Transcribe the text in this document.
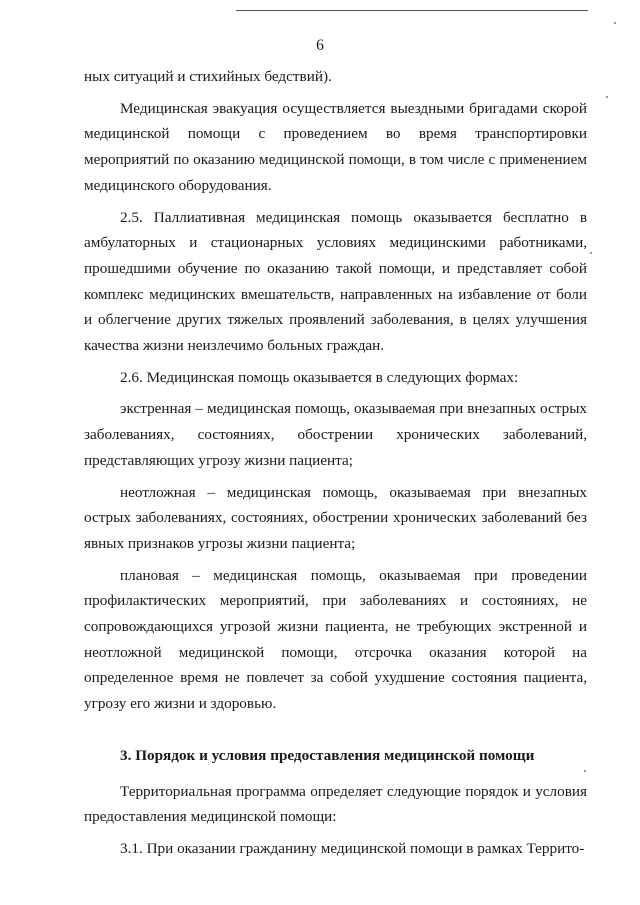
6

ных ситуаций и стихийных бедствий).

Медицинская эвакуация осуществляется выездными бригадами скорой медицинской помощи с проведением во время транспортировки мероприятий по оказанию медицинской помощи, в том числе с применением медицинского оборудования.

2.5. Паллиативная медицинская помощь оказывается бесплатно в амбулаторных и стационарных условиях медицинскими работниками, прошедшими обучение по оказанию такой помощи, и представляет собой комплекс медицинских вмешательств, направленных на избавление от боли и облегчение других тяжелых проявлений заболевания, в целях улучшения качества жизни неизлечимо больных граждан.

2.6. Медицинская помощь оказывается в следующих формах:

экстренная – медицинская помощь, оказываемая при внезапных острых заболеваниях, состояниях, обострении хронических заболеваний, представляющих угрозу жизни пациента;

неотложная – медицинская помощь, оказываемая при внезапных острых заболеваниях, состояниях, обострении хронических заболеваний без явных признаков угрозы жизни пациента;

плановая – медицинская помощь, оказываемая при проведении профилактических мероприятий, при заболеваниях и состояниях, не сопровождающихся угрозой жизни пациента, не требующих экстренной и неотложной медицинской помощи, отсрочка оказания которой на определенное время не повлечет за собой ухудшение состояния пациента, угрозу его жизни и здоровью.

3. Порядок и условия предоставления медицинской помощи

Территориальная программа определяет следующие порядок и условия предоставления медицинской помощи:

3.1. При оказании гражданину медицинской помощи в рамках Террито-
